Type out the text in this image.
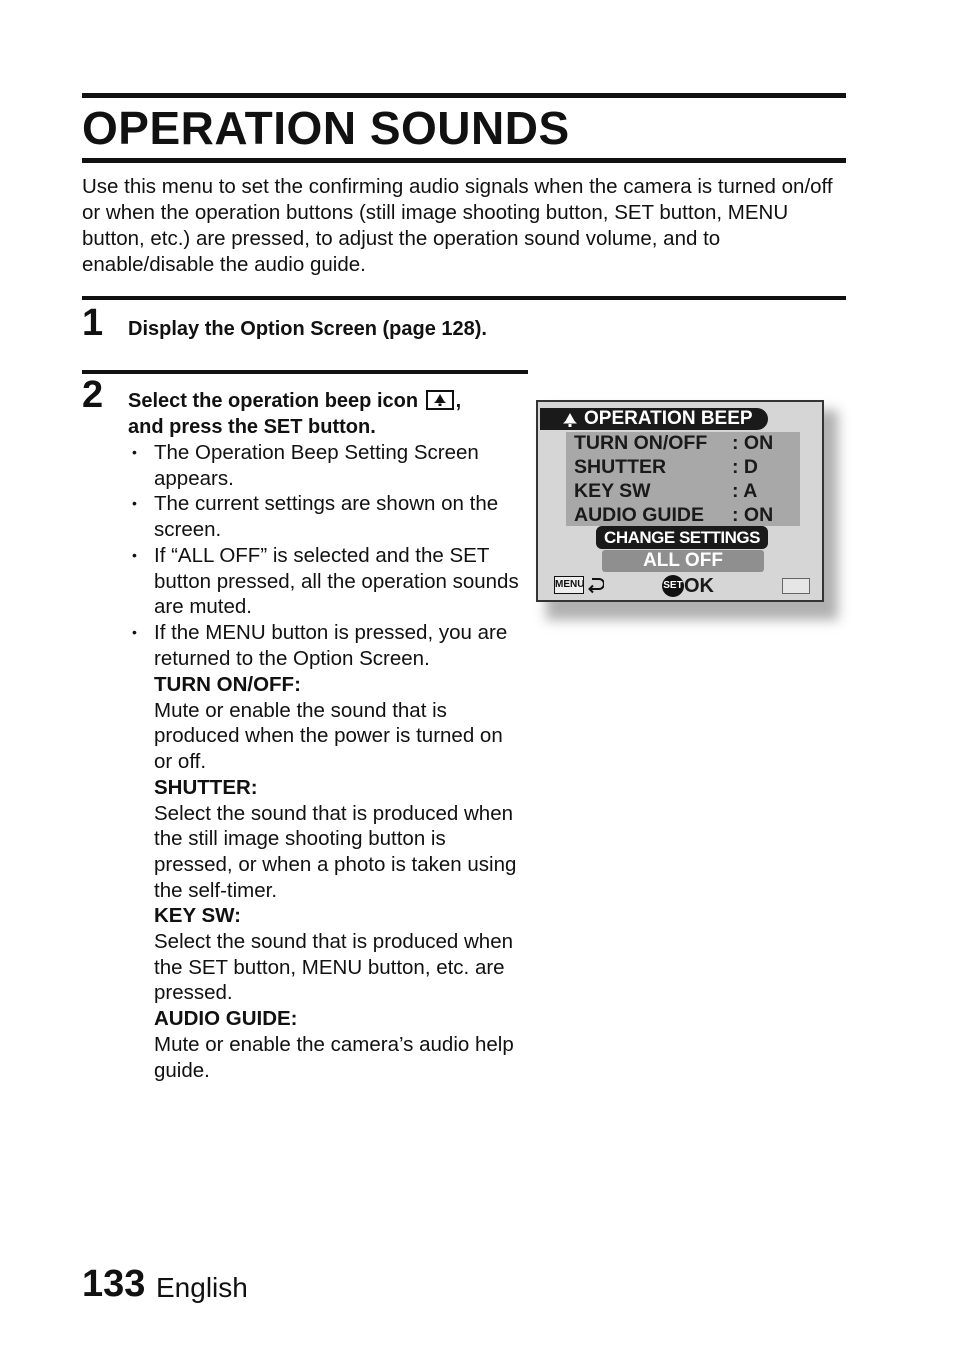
OPERATION SOUNDS
Use this menu to set the confirming audio signals when the camera is turned on/off or when the operation buttons (still image shooting button, SET button, MENU button, etc.) are pressed, to adjust the operation sound volume, and to enable/disable the audio guide.
1 Display the Option Screen (page 128).
2 Select the operation beep icon ,
and press the SET button.
• The Operation Beep Setting Screen appears.
• The current settings are shown on the screen.
• If “ALL OFF” is selected and the SET button pressed, all the operation sounds are muted.
• If the MENU button is pressed, you are returned to the Option Screen.
TURN ON/OFF:

Mute or enable the sound that is produced when the power is turned on or off.

SHUTTER:

Select the sound that is produced when the still image shooting button is pressed, or when a photo is taken using the self-timer.

KEY SW:

Select the sound that is produced when the SET button, MENU button, etc. are pressed.

AUDIO GUIDE:

Mute or enable the camera’s audio help guide.

OPERATION BEEP
TURN ON/OFF : ON
SHUTTER	: D
KEY SW	: A
AUDIO GUIDE : ON
CHANGE SETTINGS
ALL OFF
MENU	SET OK
133 English
